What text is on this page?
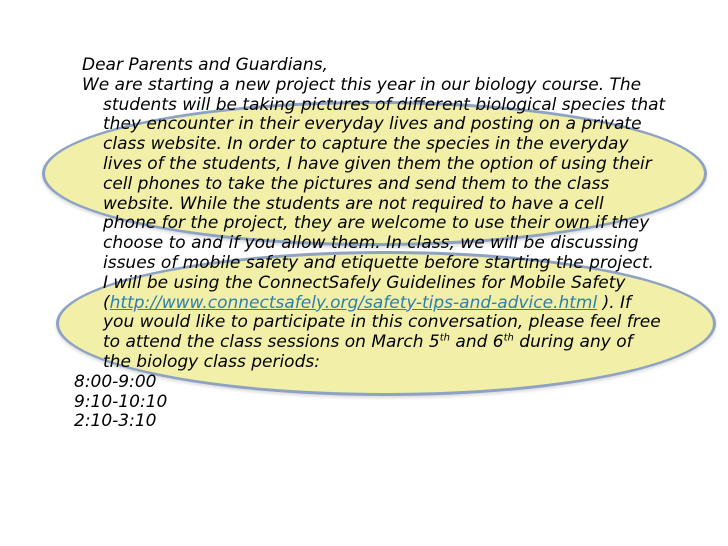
Dear Parents and Guardians,
We are starting a new project this year in our biology course. The
students will be taking pictures of different biological species that
they encounter in their everyday lives and posting on a private
class website. In order to capture the species in the everyday
lives of the students, I have given them the option of using their
cell phones to take the pictures and send them to the class
website. While the students are not required to have a cell
phone for the project, they are welcome to use their own if they
choose to and if you allow them. In class, we will be discussing
issues of mobile safety and etiquette before starting the project.
I will be using the ConnectSafely Guidelines for Mobile Safety
(http://www.connectsafely.org/safety-tips-and-advice.html ). If
you would like to participate in this conversation, please feel free
to attend the class sessions on March 5th and 6th during any of
the biology class periods:
8:00-9:00
9:10-10:10
2:10-3:10
